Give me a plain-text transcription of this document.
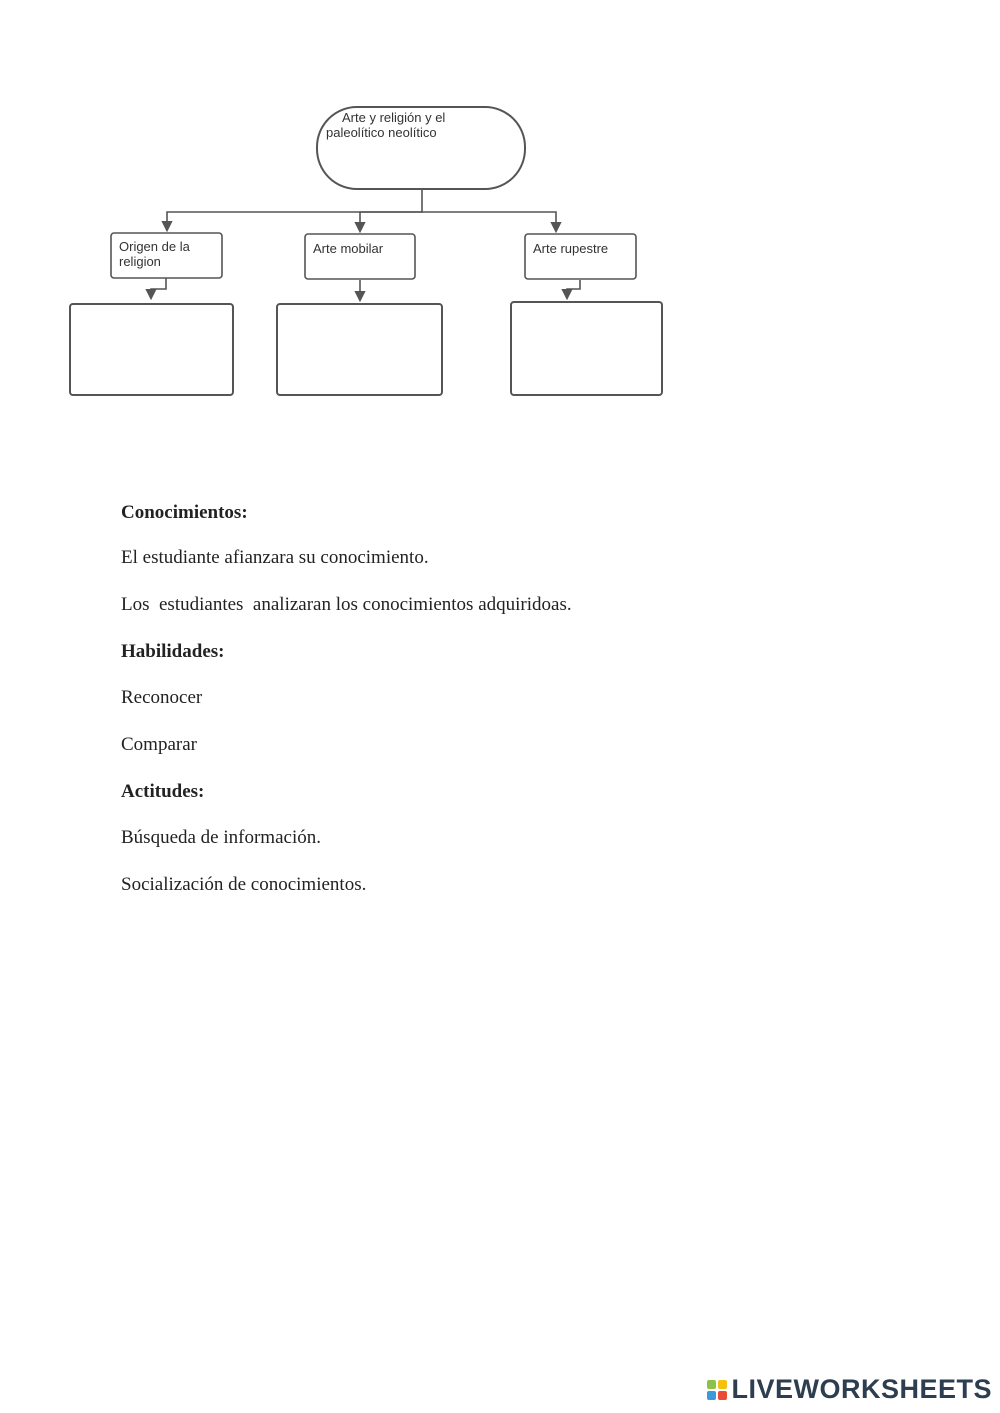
Arte y religión y el paleolítico neolítico
Origen de la religion
Arte mobilar	Arte rupestre

Conocimientos:

El estudiante afianzara su conocimiento.

Los  estudiantes  analizaran los conocimientos adquiridoas.

Habilidades:

Reconocer

Comparar

Actitudes:

Búsqueda de información.

Socialización de conocimientos.

LIVEWORKSHEETS
